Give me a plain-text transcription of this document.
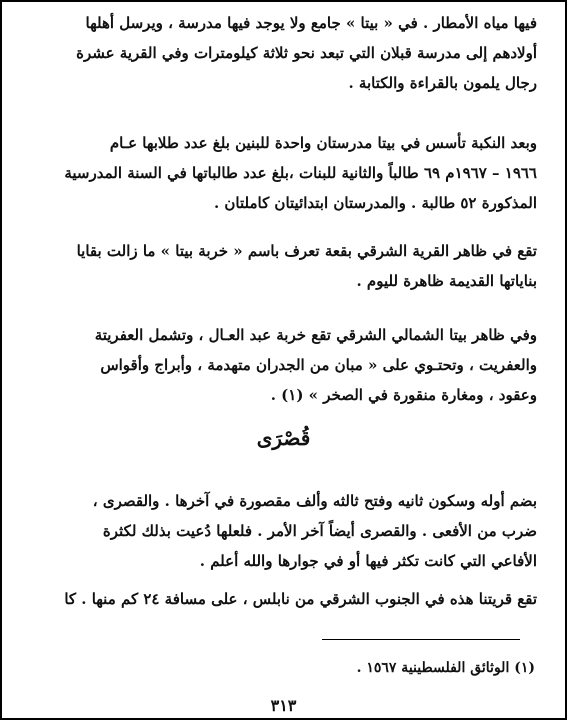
فيها مياه الأمطار . في « بيتا » جامع ولا يوجد فيها مدرسة ، ويرسل أهلها
أولادهم إلى مدرسة قبلان التي تبعد نحو ثلاثة كيلومترات وفي القرية عشرة
رجال يلمون بالقراءة والكتابة .
وبعد النكبة تأسس في بيتا مدرستان واحدة للبنين بلغ عدد طلابها عـام
١٩٦٦ – ١٩٦٧م ٦٩ طالباً والثانية للبنات ،بلغ عدد طالباتها في السنة المدرسية
المذكورة ٥٢ طالبة . والمدرستان ابتدائيتان كاملتان .
تقع في ظاهر القرية الشرقي بقعة تعرف باسم « خربة بيتا » ما زالت بقايا
بناياتها القديمة ظاهرة لليوم .
وفي ظاهر بيتا الشمالي الشرقي تقع خربة عبد العـال ، وتشمل العفريتة
والعفريت ، وتحتـوي على « مبان من الجدران متهدمة ، وأبراج وأقواس
وعقود ، ومغارة منقورة في الصخر » (١) .
قُصْرَى
بضم أوله وسكون ثانيه وفتح ثالثه وألف مقصورة في آخرها . والقصرى ،
ضرب من الأفعى . والقصرى أيضاً آخر الأمر . فلعلها دُعيت بذلك لكثرة
الأفاعي التي كانت تكثر فيها أو في جوارها والله أعلم .
تقع قريتنا هذه في الجنوب الشرقي من نابلس ، على مسافة ٢٤ كم منها . كا
(١) الوثائق الفلسطينية ١٥٦٧ .
٣١٣
